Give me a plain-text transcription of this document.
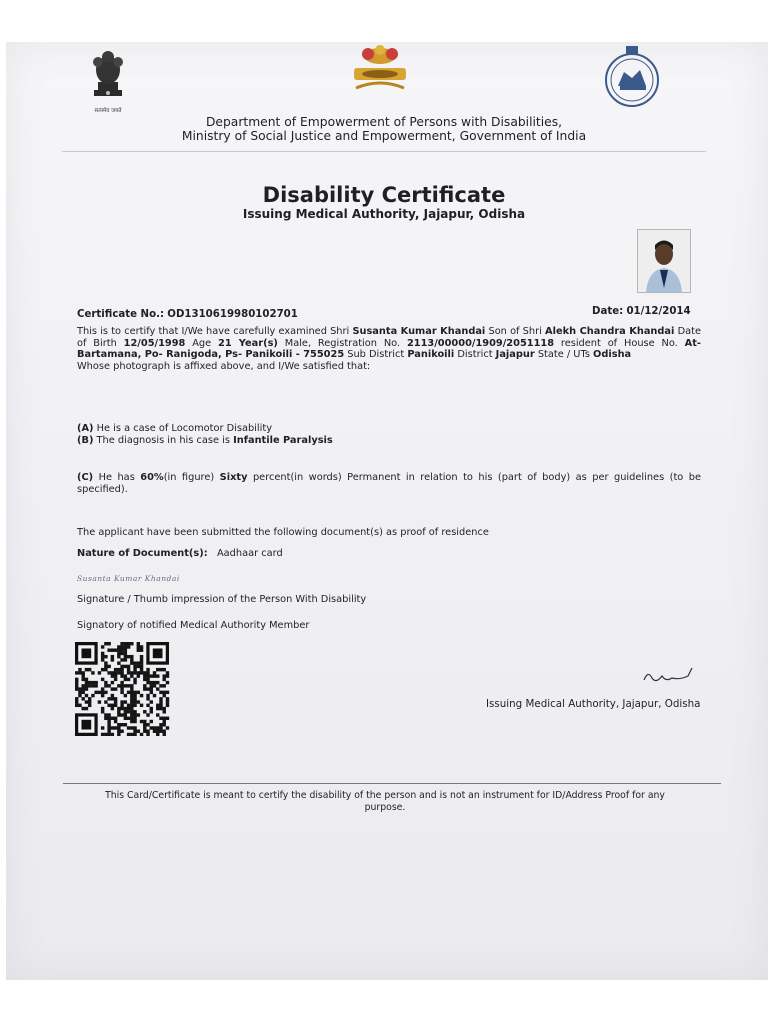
सत्यमेव जयते
Department of Empowerment of Persons with Disabilities,
Ministry of Social Justice and Empowerment, Government of India
Disability Certificate
Issuing Medical Authority, Jajapur, Odisha
Certificate No.: OD1310619980102701	Date: 01/12/2014
This is to certify that I/We have carefully examined Shri Susanta Kumar Khandai Son of Shri Alekh Chandra Khandai Date of Birth 12/05/1998 Age 21 Year(s) Male, Registration No. 2113/00000/1909/2051118 resident of House No. At- Bartamana, Po- Ranigoda, Ps- Panikoili - 755025 Sub District Panikoili District Jajapur State / UTs Odisha
Whose photograph is affixed above, and I/We satisfied that:
(A) He is a case of Locomotor Disability
(B) The diagnosis in his case is Infantile Paralysis
(C) He has 60%(in figure) Sixty percent(in words) Permanent in relation to his (part of body) as per guidelines (to be specified).
The applicant have been submitted the following document(s) as proof of residence
Nature of Document(s): Aadhaar card
Susanta Kumar Khandai
Signature / Thumb impression of the Person With Disability
Signatory of notified Medical Authority Member
Issuing Medical Authority, Jajapur, Odisha
This Card/Certificate is meant to certify the disability of the person and is not an instrument for ID/Address Proof for any purpose.
